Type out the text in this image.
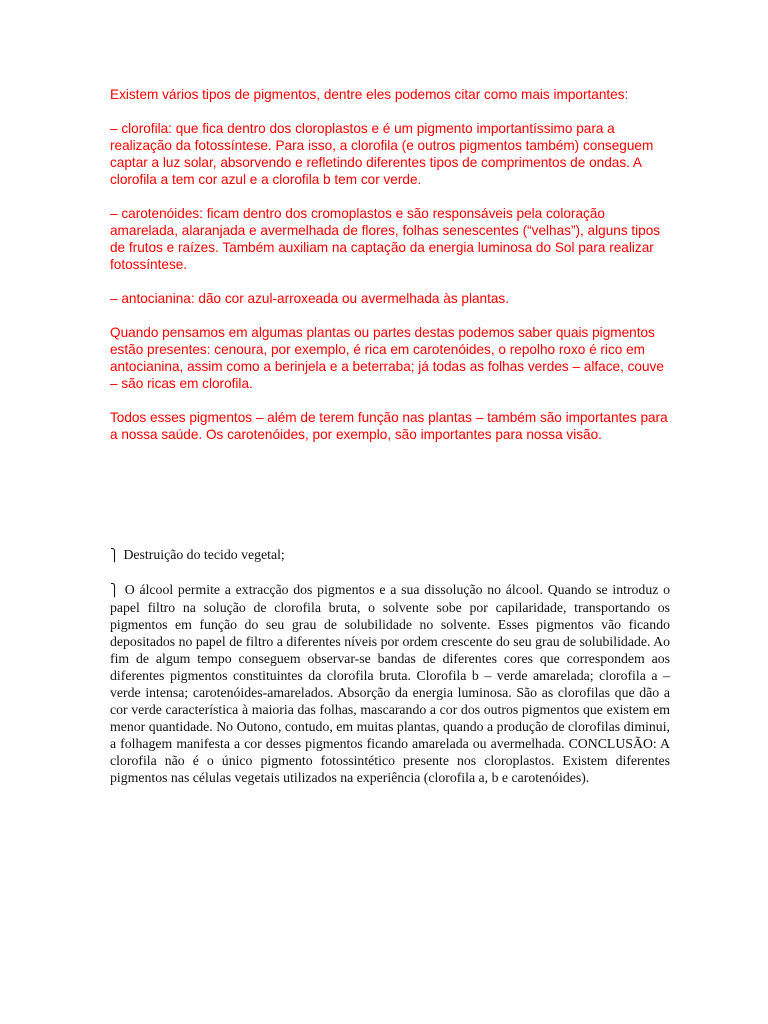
Existem vários tipos de pigmentos, dentre eles podemos citar como mais importantes:

– clorofila: que fica dentro dos cloroplastos e é um pigmento importantíssimo para a realização da fotossíntese. Para isso, a clorofila (e outros pigmentos também) conseguem captar a luz solar, absorvendo e refletindo diferentes tipos de comprimentos de ondas. A clorofila a tem cor azul e a clorofila b tem cor verde.

– carotenóides: ficam dentro dos cromoplastos e são responsáveis pela coloração amarelada, alaranjada e avermelhada de flores, folhas senescentes (“velhas”), alguns tipos de frutos e raízes. Também auxiliam na captação da energia luminosa do Sol para realizar fotossíntese.

– antocianina: dão cor azul-arroxeada ou avermelhada às plantas.

Quando pensamos em algumas plantas ou partes destas podemos saber quais pigmentos estão presentes: cenoura, por exemplo, é rica em carotenóides, o repolho roxo é rico em antocianina, assim como a berinjela e a beterraba; já todas as folhas verdes – alface, couve – são ricas em clorofila.

Todos esses pigmentos – além de terem função nas plantas – também são importantes para a nossa saúde. Os carotenóides, por exemplo, são importantes para nossa visão.

⎫ Destruição do tecido vegetal;

⎫ O álcool permite a extracção dos pigmentos e a sua dissolução no álcool. Quando se introduz o papel filtro na solução de clorofila bruta, o solvente sobe por capilaridade, transportando os pigmentos em função do seu grau de solubilidade no solvente. Esses pigmentos vão ficando depositados no papel de filtro a diferentes níveis por ordem crescente do seu grau de solubilidade. Ao fim de algum tempo conseguem observar-se bandas de diferentes cores que correspondem aos diferentes pigmentos constituintes da clorofila bruta. Clorofila b – verde amarelada; clorofila a – verde intensa; carotenóides-amarelados. Absorção da energia luminosa. São as clorofilas que dão a cor verde característica à maioria das folhas, mascarando a cor dos outros pigmentos que existem em menor quantidade. No Outono, contudo, em muitas plantas, quando a produção de clorofilas diminui, a folhagem manifesta a cor desses pigmentos ficando amarelada ou avermelhada. CONCLUSÃO: A clorofila não é o único pigmento fotossintético presente nos cloroplastos. Existem diferentes pigmentos nas células vegetais utilizados na experiência (clorofila a, b e carotenóides).
